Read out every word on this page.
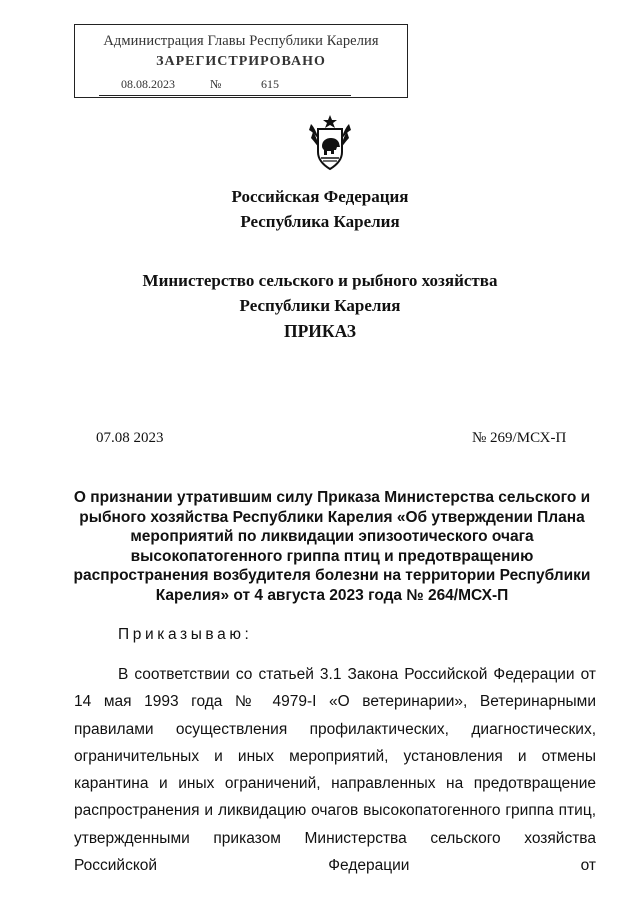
Администрация Главы Республики Карелия
ЗАРЕГИСТРИРОВАНО
08.08.2023	№	615
Российская Федерация
Республика Карелия
Министерство сельского и рыбного хозяйства
Республики Карелия
ПРИКАЗ
07.08 2023	№ 269/МСХ-П
О признании утратившим силу Приказа Министерства сельского и рыбного хозяйства Республики Карелия «Об утверждении Плана мероприятий по ликвидации эпизоотического очага высокопатогенного гриппа птиц и предотвращению распространения возбудителя болезни на территории Республики Карелия» от 4 августа 2023 года № 264/МСХ-П
Приказываю:

В соответствии со статьей 3.1 Закона Российской Федерации от 14 мая 1993 года № 4979-I «О ветеринарии», Ветеринарными правилами осуществления профилактических, диагностических, ограничительных и иных мероприятий, установления и отмены карантина и иных ограничений, направленных на предотвращение распространения и ликвидацию очагов высокопатогенного гриппа птиц, утвержденными приказом Министерства сельского хозяйства Российской Федерации от
